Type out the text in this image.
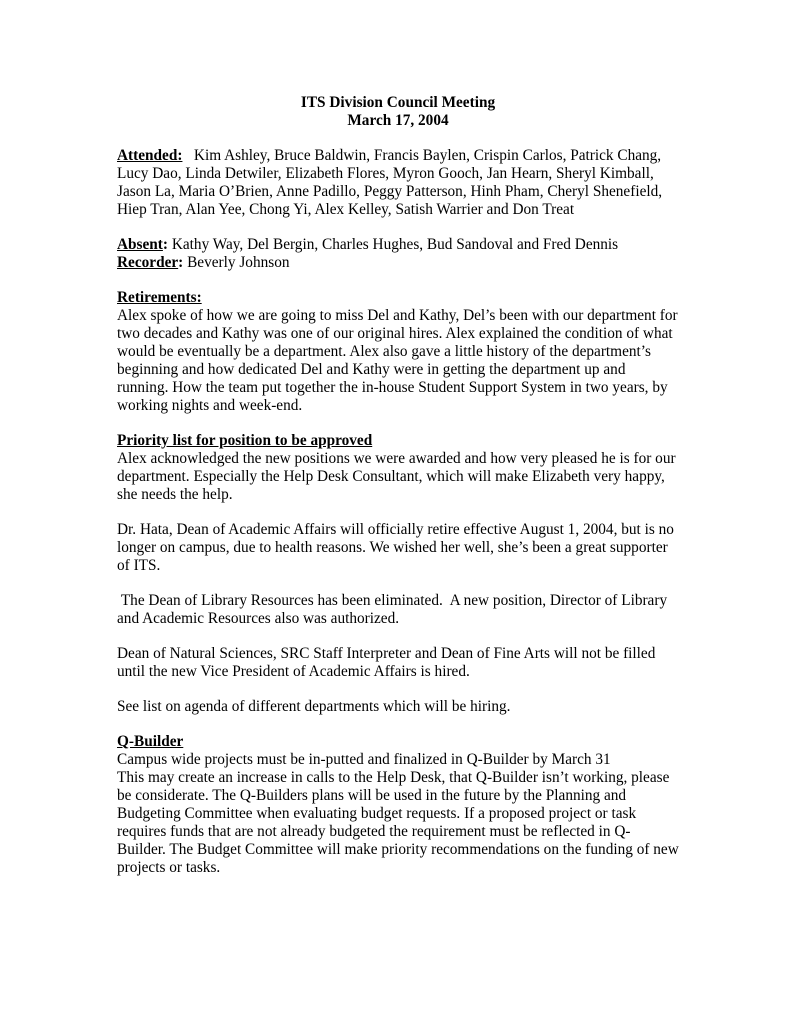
ITS Division Council Meeting

March 17, 2004

Attended: Kim Ashley, Bruce Baldwin, Francis Baylen, Crispin Carlos, Patrick Chang, Lucy Dao, Linda Detwiler, Elizabeth Flores, Myron Gooch, Jan Hearn, Sheryl Kimball, Jason La, Maria O’Brien, Anne Padillo, Peggy Patterson, Hinh Pham, Cheryl Shenefield, Hiep Tran, Alan Yee, Chong Yi, Alex Kelley, Satish Warrier and Don Treat

Absent: Kathy Way, Del Bergin, Charles Hughes, Bud Sandoval and Fred Dennis

Recorder: Beverly Johnson

Retirements:

Alex spoke of how we are going to miss Del and Kathy, Del’s been with our department for two decades and Kathy was one of our original hires. Alex explained the condition of what would be eventually be a department. Alex also gave a little history of the department’s beginning and how dedicated Del and Kathy were in getting the department up and running. How the team put together the in-house Student Support System in two years, by working nights and week-end.

Priority list for position to be approved

Alex acknowledged the new positions we were awarded and how very pleased he is for our department. Especially the Help Desk Consultant, which will make Elizabeth very happy, she needs the help.

Dr. Hata, Dean of Academic Affairs will officially retire effective August 1, 2004, but is no longer on campus, due to health reasons. We wished her well, she’s been a great supporter of ITS.

The Dean of Library Resources has been eliminated.  A new position, Director of Library and Academic Resources also was authorized.

Dean of Natural Sciences, SRC Staff Interpreter and Dean of Fine Arts will not be filled until the new Vice President of Academic Affairs is hired.

See list on agenda of different departments which will be hiring.

Q-Builder

Campus wide projects must be in-putted and finalized in Q-Builder by March 31

This may create an increase in calls to the Help Desk, that Q-Builder isn’t working, please be considerate. The Q-Builders plans will be used in the future by the Planning and Budgeting Committee when evaluating budget requests. If a proposed project or task requires funds that are not already budgeted the requirement must be reflected in Q-Builder. The Budget Committee will make priority recommendations on the funding of new projects or tasks.
